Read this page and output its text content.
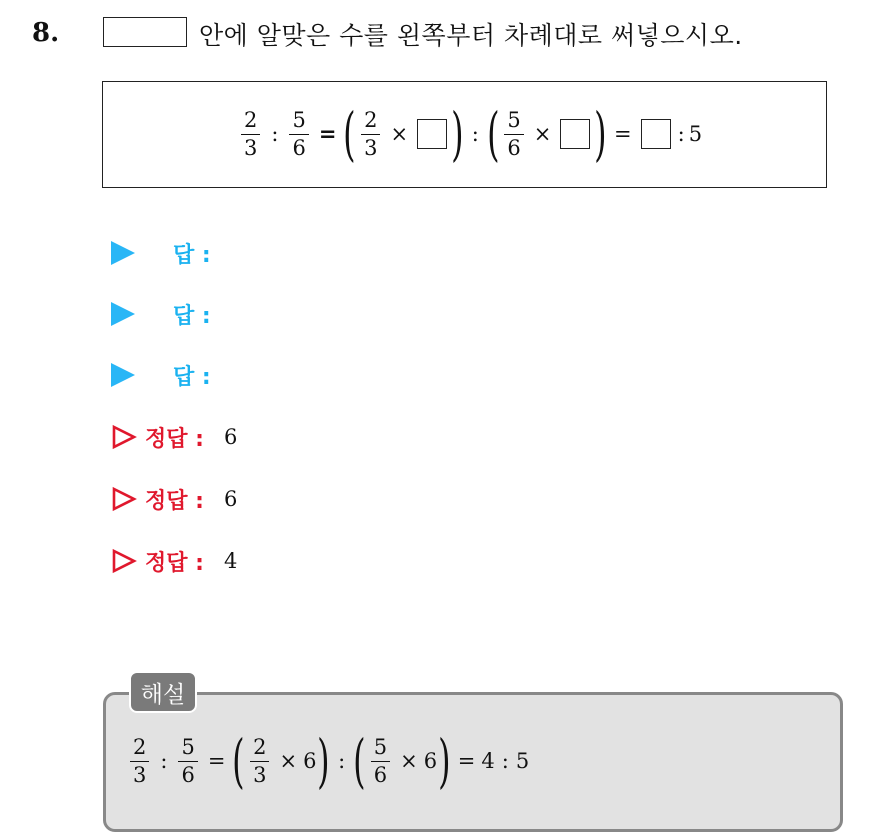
8.	안에 알맞은 수를 왼쪽부터 차례대로 써넣으시오.
$\frac{2}{3}$ : $\frac{5}{6}$ = ( $\frac{2}{3}$ × ) : ( $\frac{5}{6}$ × ) = : 5
답 :
답 :
답 :
정답 : 6
정답 : 6
정답 : 4
$\frac{2}{3}$ : $\frac{5}{6}$ = ( $\frac{2}{3} \times 6$ ) : ( $\frac{5}{6} \times 6$ ) = 4 : 5
해설
